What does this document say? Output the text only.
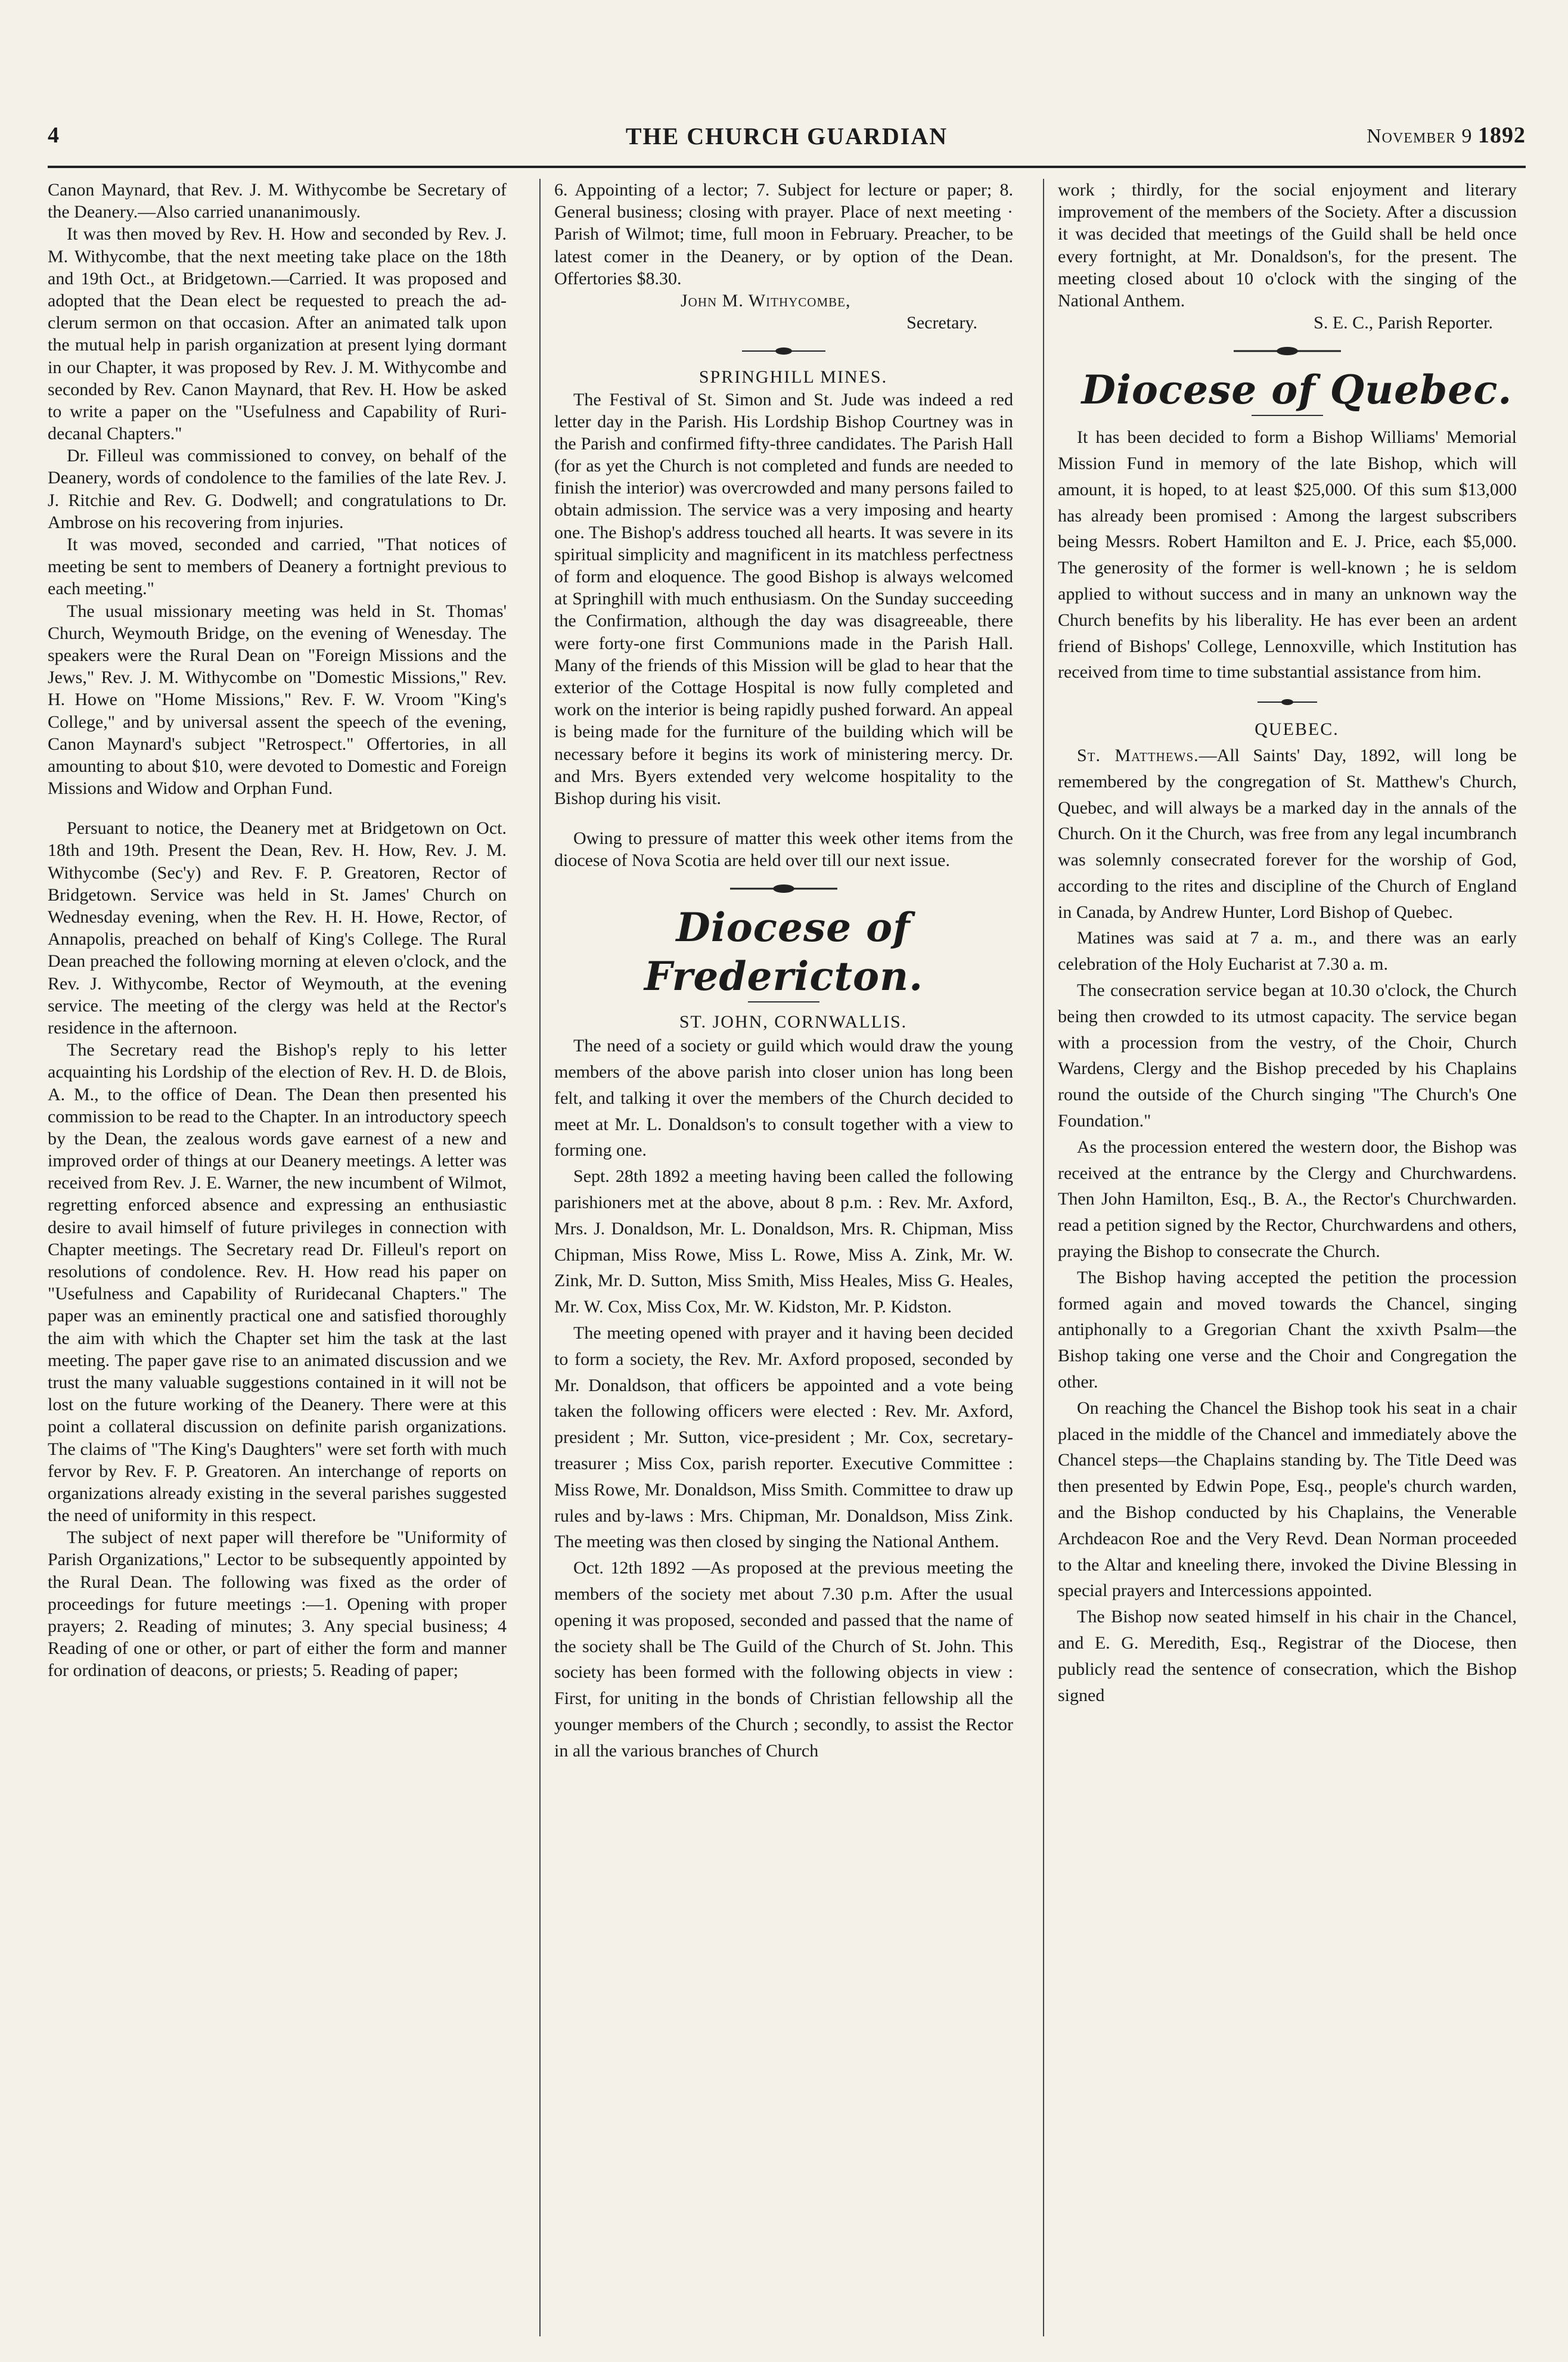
4	THE CHURCH GUARDIAN	November 9 1892

Canon Maynard, that Rev. J. M. Withycombe be Secretary of the Deanery.—Also carried unananimously.

It was then moved by Rev. H. How and seconded by Rev. J. M. Withycombe, that the next meeting take place on the 18th and 19th Oct., at Bridgetown.—Carried. It was proposed and adopted that the Dean elect be requested to preach the ad-clerum sermon on that occasion. After an animated talk upon the mutual help in parish organization at present lying dormant in our Chapter, it was proposed by Rev. J. M. Withycombe and seconded by Rev. Canon Maynard, that Rev. H. How be asked to write a paper on the "Usefulness and Capability of Ruri-decanal Chapters."

Dr. Filleul was commissioned to convey, on behalf of the Deanery, words of condolence to the families of the late Rev. J. J. Ritchie and Rev. G. Dodwell; and congratulations to Dr. Ambrose on his recovering from injuries.

It was moved, seconded and carried, "That notices of meeting be sent to members of Deanery a fortnight previous to each meeting."

The usual missionary meeting was held in St. Thomas' Church, Weymouth Bridge, on the evening of Wenesday. The speakers were the Rural Dean on "Foreign Missions and the Jews," Rev. J. M. Withycombe on "Domestic Missions," Rev. H. Howe on "Home Missions," Rev. F. W. Vroom "King's College," and by universal assent the speech of the evening, Canon Maynard's subject "Retrospect." Offertories, in all amounting to about $10, were devoted to Domestic and Foreign Missions and Widow and Orphan Fund.

Persuant to notice, the Deanery met at Bridgetown on Oct. 18th and 19th. Present the Dean, Rev. H. How, Rev. J. M. Withycombe (Sec'y) and Rev. F. P. Greatoren, Rector of Bridgetown. Service was held in St. James' Church on Wednesday evening, when the Rev. H. H. Howe, Rector, of Annapolis, preached on behalf of King's College. The Rural Dean preached the following morning at eleven o'clock, and the Rev. J. Withycombe, Rector of Weymouth, at the evening service. The meeting of the clergy was held at the Rector's residence in the afternoon.

The Secretary read the Bishop's reply to his letter acquainting his Lordship of the election of Rev. H. D. de Blois, A. M., to the office of Dean. The Dean then presented his commission to be read to the Chapter. In an introductory speech by the Dean, the zealous words gave earnest of a new and improved order of things at our Deanery meetings. A letter was received from Rev. J. E. Warner, the new incumbent of Wilmot, regretting enforced absence and expressing an enthusiastic desire to avail himself of future privileges in connection with Chapter meetings. The Secretary read Dr. Filleul's report on resolutions of condolence. Rev. H. How read his paper on "Usefulness and Capability of Ruridecanal Chapters." The paper was an eminently practical one and satisfied thoroughly the aim with which the Chapter set him the task at the last meeting. The paper gave rise to an animated discussion and we trust the many valuable suggestions contained in it will not be lost on the future working of the Deanery. There were at this point a collateral discussion on definite parish organizations. The claims of "The King's Daughters" were set forth with much fervor by Rev. F. P. Greatoren. An interchange of reports on organizations already existing in the several parishes suggested the need of uniformity in this respect.

The subject of next paper will therefore be "Uniformity of Parish Organizations," Lector to be subsequently appointed by the Rural Dean. The following was fixed as the order of proceedings for future meetings :—1. Opening with proper prayers; 2. Reading of minutes; 3. Any special business; 4 Reading of one or other, or part of either the form and manner for ordination of deacons, or priests; 5. Reading of paper;

6. Appointing of a lector; 7. Subject for lecture or paper; 8. General business; closing with prayer. Place of next meeting · Parish of Wilmot; time, full moon in February. Preacher, to be latest comer in the Deanery, or by option of the Dean. Offertories $8.30.

John M. Withycombe,

Secretary.

SPRINGHILL MINES.

The Festival of St. Simon and St. Jude was indeed a red letter day in the Parish. His Lordship Bishop Courtney was in the Parish and confirmed fifty-three candidates. The Parish Hall (for as yet the Church is not completed and funds are needed to finish the interior) was overcrowded and many persons failed to obtain admission. The service was a very imposing and hearty one. The Bishop's address touched all hearts. It was severe in its spiritual simplicity and magnificent in its matchless perfectness of form and eloquence. The good Bishop is always welcomed at Springhill with much enthusiasm. On the Sunday succeeding the Confirmation, although the day was disagreeable, there were forty-one first Communions made in the Parish Hall. Many of the friends of this Mission will be glad to hear that the exterior of the Cottage Hospital is now fully completed and work on the interior is being rapidly pushed forward. An appeal is being made for the furniture of the building which will be necessary before it begins its work of ministering mercy. Dr. and Mrs. Byers extended very welcome hospitality to the Bishop during his visit.

Owing to pressure of matter this week other items from the diocese of Nova Scotia are held over till our next issue.

Diocese of Fredericton.

ST. JOHN, CORNWALLIS.

The need of a society or guild which would draw the young members of the above parish into closer union has long been felt, and talking it over the members of the Church decided to meet at Mr. L. Donaldson's to consult together with a view to forming one.

Sept. 28th 1892 a meeting having been called the following parishioners met at the above, about 8 p.m. : Rev. Mr. Axford, Mrs. J. Donaldson, Mr. L. Donaldson, Mrs. R. Chipman, Miss Chipman, Miss Rowe, Miss L. Rowe, Miss A. Zink, Mr. W. Zink, Mr. D. Sutton, Miss Smith, Miss Heales, Miss G. Heales, Mr. W. Cox, Miss Cox, Mr. W. Kidston, Mr. P. Kidston.

The meeting opened with prayer and it having been decided to form a society, the Rev. Mr. Axford proposed, seconded by Mr. Donaldson, that officers be appointed and a vote being taken the following officers were elected : Rev. Mr. Axford, president ; Mr. Sutton, vice-president ; Mr. Cox, secretary-treasurer ; Miss Cox, parish reporter. Executive Committee : Miss Rowe, Mr. Donaldson, Miss Smith. Committee to draw up rules and by-laws : Mrs. Chipman, Mr. Donaldson, Miss Zink. The meeting was then closed by singing the National Anthem.

Oct. 12th 1892 —As proposed at the previous meeting the members of the society met about 7.30 p.m. After the usual opening it was proposed, seconded and passed that the name of the society shall be The Guild of the Church of St. John. This society has been formed with the following objects in view : First, for uniting in the bonds of Christian fellowship all the younger members of the Church ; secondly, to assist the Rector in all the various branches of Church

work ; thirdly, for the social enjoyment and literary improvement of the members of the Society. After a discussion it was decided that meetings of the Guild shall be held once every fortnight, at Mr. Donaldson's, for the present. The meeting closed about 10 o'clock with the singing of the National Anthem.

S. E. C., Parish Reporter.

Diocese of Quebec.

It has been decided to form a Bishop Williams' Memorial Mission Fund in memory of the late Bishop, which will amount, it is hoped, to at least $25,000. Of this sum $13,000 has already been promised : Among the largest subscribers being Messrs. Robert Hamilton and E. J. Price, each $5,000. The generosity of the former is well-known ; he is seldom applied to without success and in many an unknown way the Church benefits by his liberality. He has ever been an ardent friend of Bishops' College, Lennoxville, which Institution has received from time to time substantial assistance from him.

QUEBEC.

St. Matthews.—All Saints' Day, 1892, will long be remembered by the congregation of St. Matthew's Church, Quebec, and will always be a marked day in the annals of the Church. On it the Church, was free from any legal incumbranch was solemnly consecrated forever for the worship of God, according to the rites and discipline of the Church of England in Canada, by Andrew Hunter, Lord Bishop of Quebec.

Matines was said at 7 a. m., and there was an early celebration of the Holy Eucharist at 7.30 a. m.

The consecration service began at 10.30 o'clock, the Church being then crowded to its utmost capacity. The service began with a procession from the vestry, of the Choir, Church Wardens, Clergy and the Bishop preceded by his Chaplains round the outside of the Church singing "The Church's One Foundation."

As the procession entered the western door, the Bishop was received at the entrance by the Clergy and Churchwardens. Then John Hamilton, Esq., B. A., the Rector's Churchwarden. read a petition signed by the Rector, Churchwardens and others, praying the Bishop to consecrate the Church.

The Bishop having accepted the petition the procession formed again and moved towards the Chancel, singing antiphonally to a Gregorian Chant the xxivth Psalm—the Bishop taking one verse and the Choir and Congregation the other.

On reaching the Chancel the Bishop took his seat in a chair placed in the middle of the Chancel and immediately above the Chancel steps—the Chaplains standing by. The Title Deed was then presented by Edwin Pope, Esq., people's church warden, and the Bishop conducted by his Chaplains, the Venerable Archdeacon Roe and the Very Revd. Dean Norman proceeded to the Altar and kneeling there, invoked the Divine Blessing in special prayers and Intercessions appointed.

The Bishop now seated himself in his chair in the Chancel, and E. G. Meredith, Esq., Registrar of the Diocese, then publicly read the sentence of consecration, which the Bishop signed
